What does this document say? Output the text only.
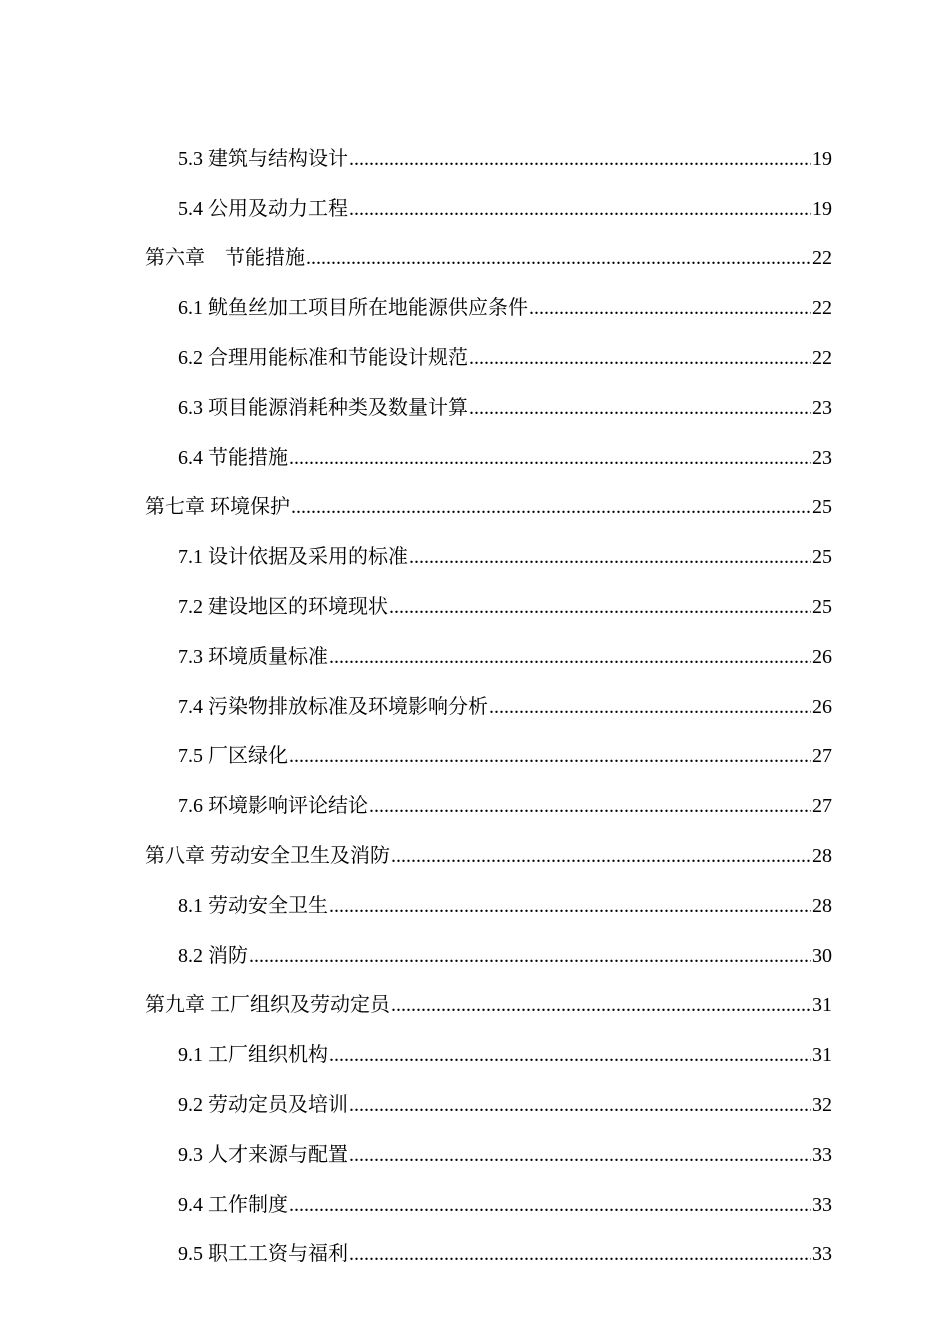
5.3 建筑与结构设计 .....	19
5.4 公用及动力工程 .....	19
第六章　节能措施 .....	22
6.1 鱿鱼丝加工项目所在地能源供应条件 .....	22
6.2 合理用能标准和节能设计规范 .....	22
6.3 项目能源消耗种类及数量计算 .....	23
6.4 节能措施 .....	23
第七章 环境保护 .....	25
7.1 设计依据及采用的标准 .....	25
7.2 建设地区的环境现状 .....	25
7.3 环境质量标准 .....	26
7.4 污染物排放标准及环境影响分析 .....	26
7.5 厂区绿化 .....	27
7.6 环境影响评论结论 .....	27
第八章 劳动安全卫生及消防 .....	28
8.1 劳动安全卫生 .....	28
8.2 消防 .....	30
第九章 工厂组织及劳动定员 .....	31
9.1 工厂组织机构 .....	31
9.2 劳动定员及培训 .....	32
9.3 人才来源与配置 .....	33
9.4 工作制度 .....	33
9.5 职工工资与福利 .....	33
